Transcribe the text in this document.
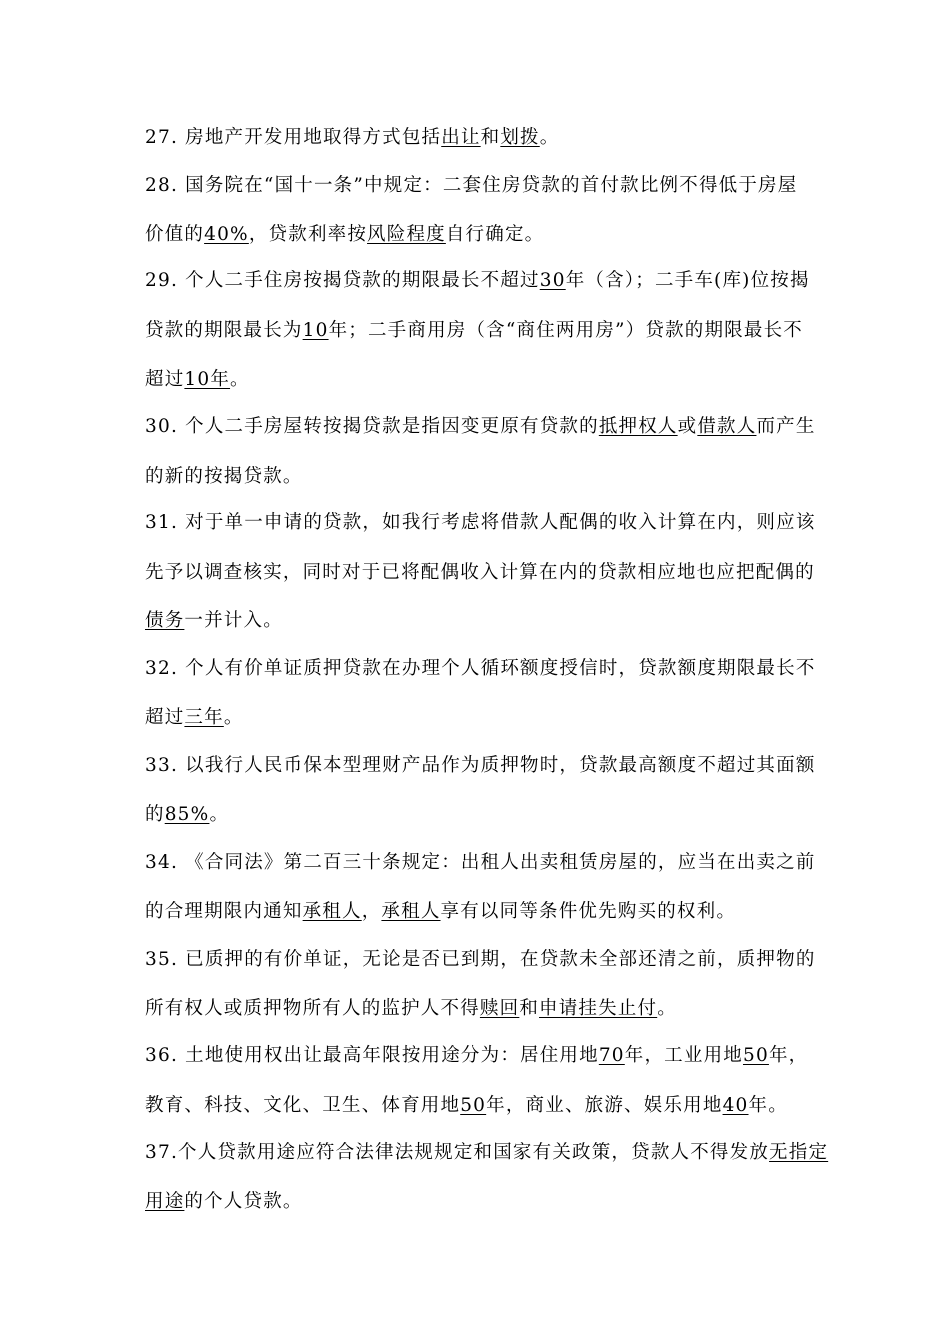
27. 房地产开发用地取得方式包括出让和划拨。
28. 国务院在“国十一条”中规定：二套住房贷款的首付款比例不得低于房屋
价值的40%，贷款利率按风险程度自行确定。
29. 个人二手住房按揭贷款的期限最长不超过30年（含）；二手车(库)位按揭
贷款的期限最长为10年；二手商用房（含“商住两用房”）贷款的期限最长不
超过10年。
30. 个人二手房屋转按揭贷款是指因变更原有贷款的抵押权人或借款人而产生
的新的按揭贷款。
31. 对于单一申请的贷款，如我行考虑将借款人配偶的收入计算在内，则应该
先予以调查核实，同时对于已将配偶收入计算在内的贷款相应地也应把配偶的
债务一并计入。
32. 个人有价单证质押贷款在办理个人循环额度授信时，贷款额度期限最长不
超过三年。
33. 以我行人民币保本型理财产品作为质押物时，贷款最高额度不超过其面额
的85%。
34. 《合同法》第二百三十条规定：出租人出卖租赁房屋的，应当在出卖之前
的合理期限内通知承租人，承租人享有以同等条件优先购买的权利。
35. 已质押的有价单证，无论是否已到期，在贷款未全部还清之前，质押物的
所有权人或质押物所有人的监护人不得赎回和申请挂失止付。
36. 土地使用权出让最高年限按用途分为：居住用地70年，工业用地50年，
教育、科技、文化、卫生、体育用地50年，商业、旅游、娱乐用地40年。
37.个人贷款用途应符合法律法规规定和国家有关政策，贷款人不得发放无指定
用途的个人贷款。
